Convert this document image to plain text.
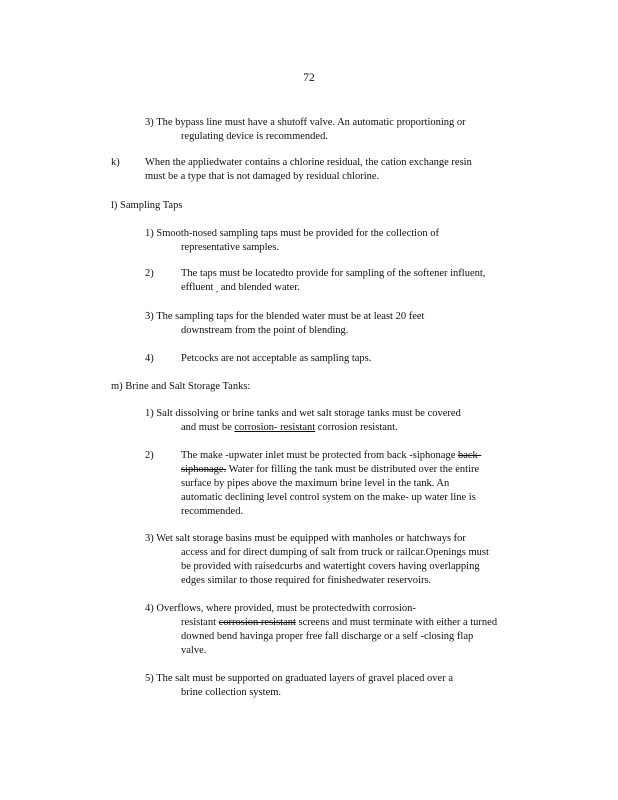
72
3) The bypass line must have a shutoff valve. An automatic proportioning or
regulating device is recommended.
k) When the appliedwater contains a chlorine residual, the cation exchange resin
must be a type that is not damaged by residual chlorine.
l) Sampling Taps
1) Smooth-nosed sampling taps must be provided for the collection of
representative samples.
2)	The taps must be locatedto provide for sampling of the softener influent,
effluent , and blended water.
3) The sampling taps for the blended water must be at least 20 feet
downstream from the point of blending.
4)	Petcocks are not acceptable as sampling taps.
m) Brine and Salt Storage Tanks:
1) Salt dissolving or brine tanks and wet salt storage tanks must be covered
and must be corrosion- resistant corrosion resistant.
2)	The make -upwater inlet must be protected from back -siphonage back-
siphonage. Water for filling the tank must be distributed over the entire
surface by pipes above the maximum brine level in the tank. An
automatic declining level control system on the make- up water line is
recommended.
3) Wet salt storage basins must be equipped with manholes or hatchways for
access and for direct dumping of salt from truck or railcar.Openings must
be provided with raisedcurbs and watertight covers having overlapping
edges similar to those required for finishedwater reservoirs.
4) Overflows, where provided, must be protectedwith corrosion-
resistant corrosion resistant screens and must terminate with either a turned
downed bend havinga proper free fall discharge or a self -closing flap
valve.
5) The salt must be supported on graduated layers of gravel placed over a
brine collection system.
